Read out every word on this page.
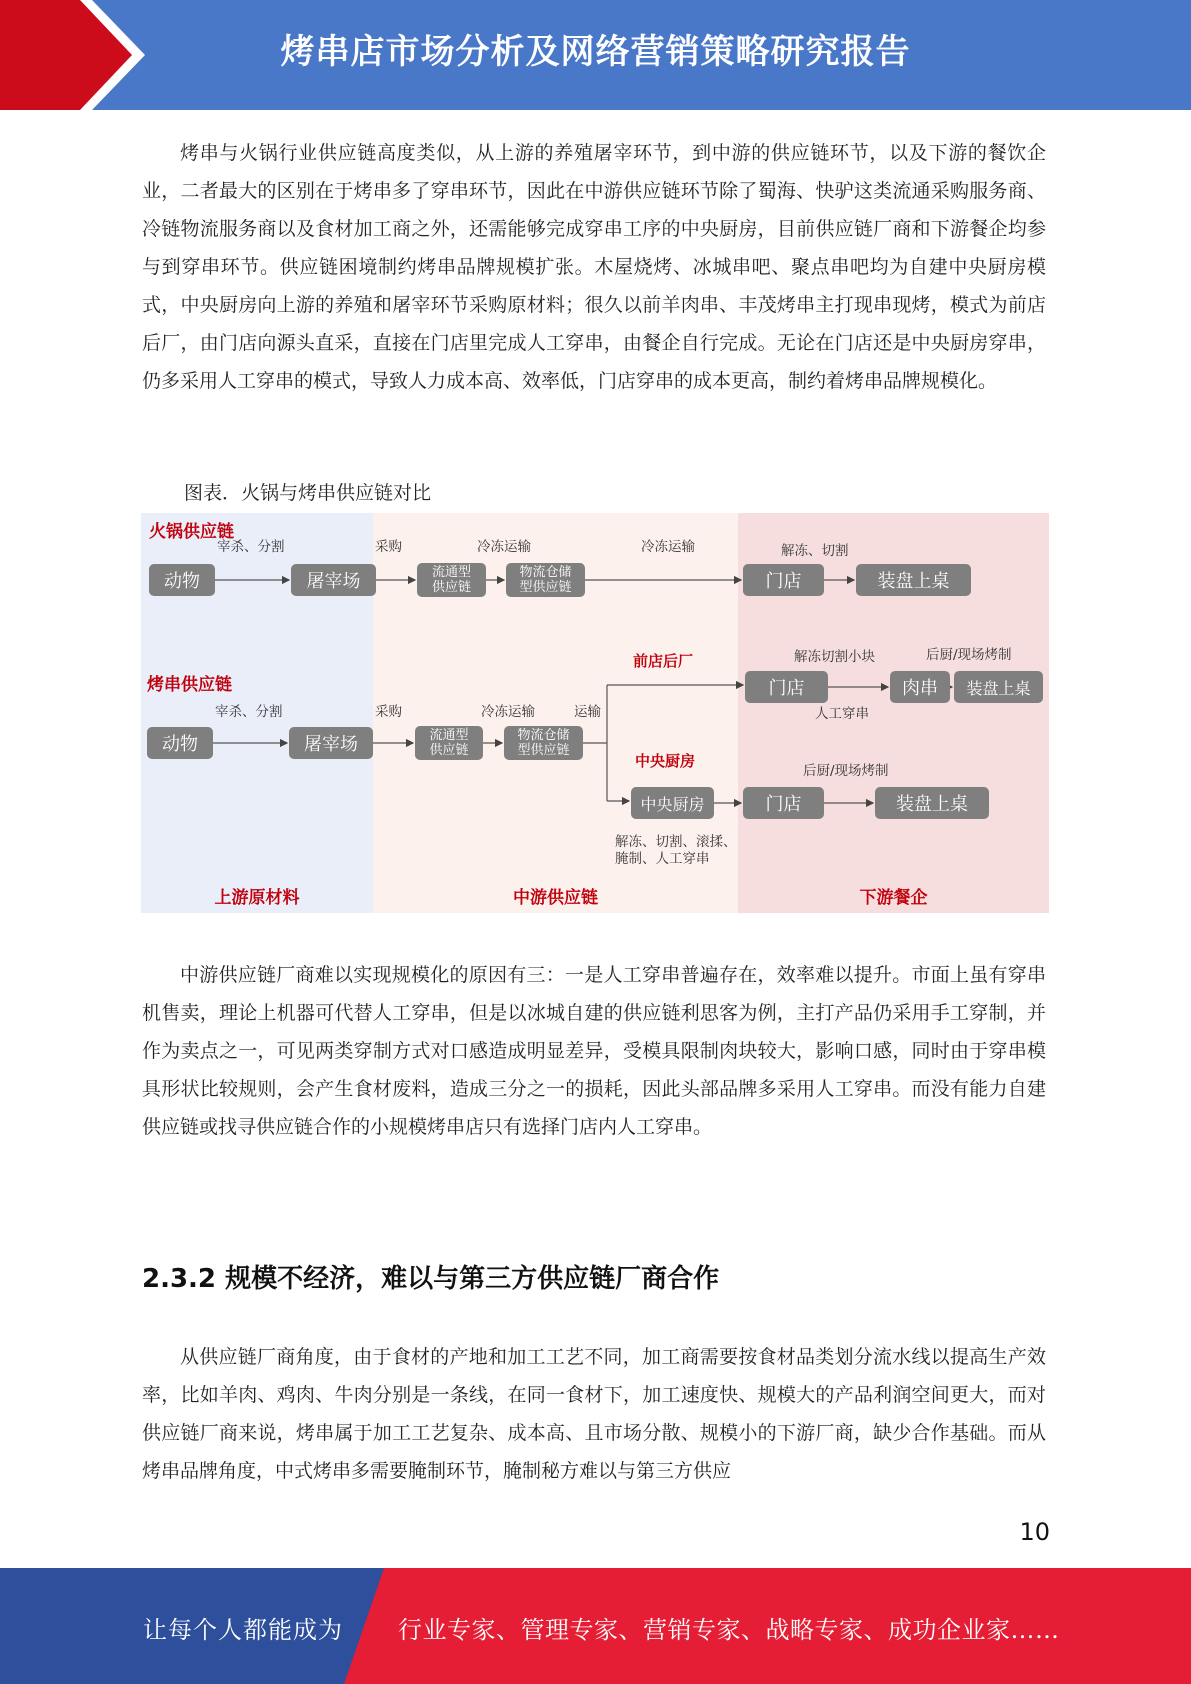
烤串店市场分析及网络营销策略研究报告
烤串与火锅行业供应链高度类似，从上游的养殖屠宰环节，到中游的供应链环节，以及下游的餐饮企业，二者最大的区别在于烤串多了穿串环节，因此在中游供应链环节除了蜀海、快驴这类流通采购服务商、冷链物流服务商以及食材加工商之外，还需能够完成穿串工序的中央厨房，目前供应链厂商和下游餐企均参与到穿串环节。供应链困境制约烤串品牌规模扩张。木屋烧烤、冰城串吧、聚点串吧均为自建中央厨房模式，中央厨房向上游的养殖和屠宰环节采购原材料；很久以前羊肉串、丰茂烤串主打现串现烤，模式为前店后厂，由门店向源头直采，直接在门店里完成人工穿串，由餐企自行完成。无论在门店还是中央厨房穿串，仍多采用人工穿串的模式，导致人力成本高、效率低，门店穿串的成本更高，制约着烤串品牌规模化。
图表．火锅与烤串供应链对比
上游原材料	中游供应链	下游餐企
火锅供应链
宰杀、分割	采购	冷冻运输	冷冻运输	解冻、切割
动物	屠宰场	流通型
供应链
物流仓储
型供应链	门店	装盘上桌
烤串供应链
前店后厂
中央厨房
宰杀、分割	采购	冷冻运输	运输
解冻切割小块
人工穿串
后厨/现场烤制
后厨/现场烤制
解冻、切割、滚揉、
腌制、人工穿串
动物	屠宰场	流通型
供应链
物流仓储
型供应链
门店	肉串	装盘上桌
中央厨房	门店	装盘上桌
中游供应链厂商难以实现规模化的原因有三：一是人工穿串普遍存在，效率难以提升。市面上虽有穿串机售卖，理论上机器可代替人工穿串，但是以冰城自建的供应链利思客为例，主打产品仍采用手工穿制，并作为卖点之一，可见两类穿制方式对口感造成明显差异，受模具限制肉块较大，影响口感，同时由于穿串模具形状比较规则，会产生食材废料，造成三分之一的损耗，因此头部品牌多采用人工穿串。而没有能力自建供应链或找寻供应链合作的小规模烤串店只有选择门店内人工穿串。
2.3.2 规模不经济，难以与第三方供应链厂商合作
从供应链厂商角度，由于食材的产地和加工工艺不同，加工商需要按食材品类划分流水线以提高生产效率，比如羊肉、鸡肉、牛肉分别是一条线，在同一食材下，加工速度快、规模大的产品利润空间更大，而对供应链厂商来说，烤串属于加工工艺复杂、成本高、且市场分散、规模小的下游厂商，缺少合作基础。而从烤串品牌角度，中式烤串多需要腌制环节，腌制秘方难以与第三方供应
10
让每个人都能成为 行业专家、管理专家、营销专家、战略专家、成功企业家……
